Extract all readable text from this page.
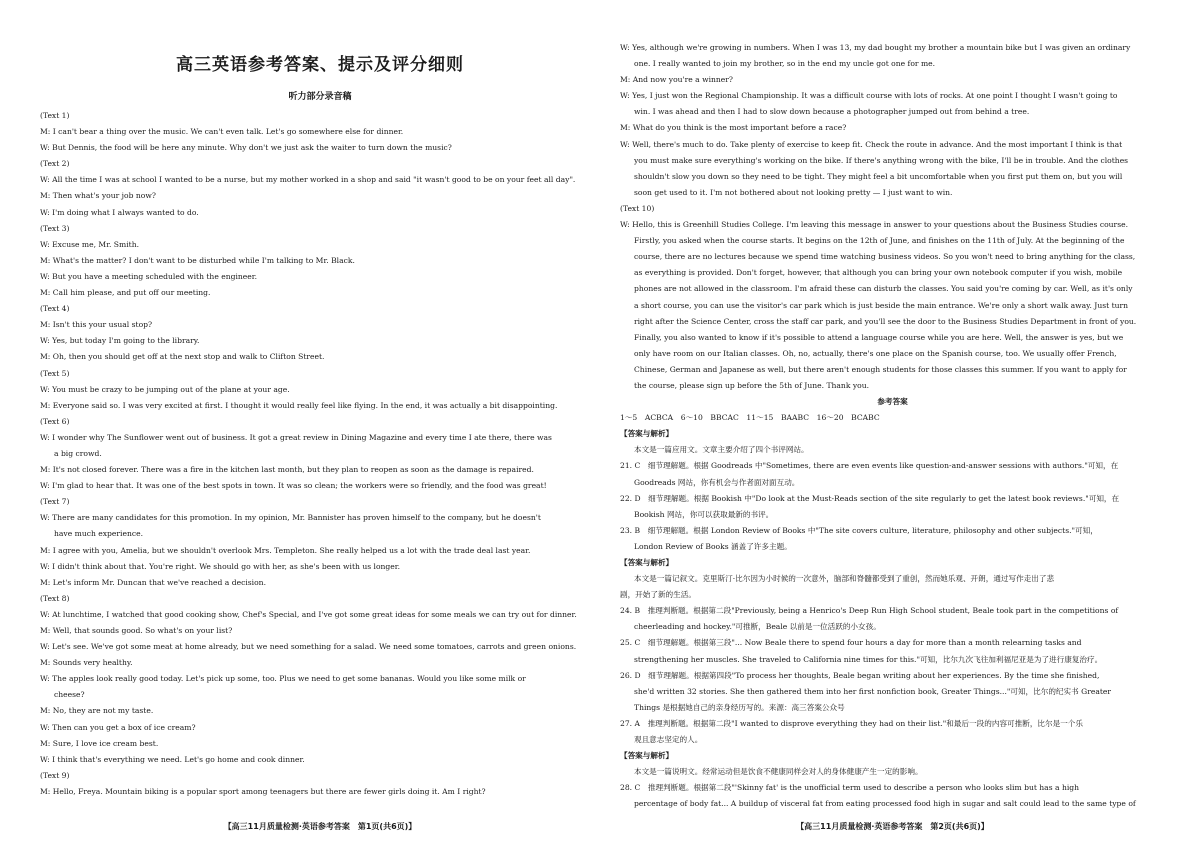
高三英语参考答案、提示及评分细则
听力部分录音稿
(Text 1)
M: I can't bear a thing over the music. We can't even talk. Let's go somewhere else for dinner.
W: But Dennis, the food will be here any minute. Why don't we just ask the waiter to turn down the music?
(Text 2)
W: All the time I was at school I wanted to be a nurse, but my mother worked in a shop and said "it wasn't good to be on your feet all day".
M: Then what's your job now?
W: I'm doing what I always wanted to do.
(Text 3)
W: Excuse me, Mr. Smith.
M: What's the matter? I don't want to be disturbed while I'm talking to Mr. Black.
W: But you have a meeting scheduled with the engineer.
M: Call him please, and put off our meeting.
(Text 4)
M: Isn't this your usual stop?
W: Yes, but today I'm going to the library.
M: Oh, then you should get off at the next stop and walk to Clifton Street.
(Text 5)
W: You must be crazy to be jumping out of the plane at your age.
M: Everyone said so. I was very excited at first. I thought it would really feel like flying. In the end, it was actually a bit disappointing.
(Text 6)
W: I wonder why The Sunflower went out of business. It got a great review in Dining Magazine and every time I ate there, there was
a big crowd.
M: It's not closed forever. There was a fire in the kitchen last month, but they plan to reopen as soon as the damage is repaired.
W: I'm glad to hear that. It was one of the best spots in town. It was so clean; the workers were so friendly, and the food was great!
(Text 7)
W: There are many candidates for this promotion. In my opinion, Mr. Bannister has proven himself to the company, but he doesn't
have much experience.
M: I agree with you, Amelia, but we shouldn't overlook Mrs. Templeton. She really helped us a lot with the trade deal last year.
W: I didn't think about that. You're right. We should go with her, as she's been with us longer.
M: Let's inform Mr. Duncan that we've reached a decision.
(Text 8)
W: At lunchtime, I watched that good cooking show, Chef's Special, and I've got some great ideas for some meals we can try out for dinner.
M: Well, that sounds good. So what's on your list?
W: Let's see. We've got some meat at home already, but we need something for a salad. We need some tomatoes, carrots and green onions.
M: Sounds very healthy.
W: The apples look really good today. Let's pick up some, too. Plus we need to get some bananas. Would you like some milk or
cheese?
M: No, they are not my taste.
W: Then can you get a box of ice cream?
M: Sure, I love ice cream best.
W: I think that's everything we need. Let's go home and cook dinner.
(Text 9)
M: Hello, Freya. Mountain biking is a popular sport among teenagers but there are fewer girls doing it. Am I right?
【高三11月质量检测·英语参考答案　第1页(共6页)】
W: Yes, although we're growing in numbers. When I was 13, my dad bought my brother a mountain bike but I was given an ordinary
one. I really wanted to join my brother, so in the end my uncle got one for me.
M: And now you're a winner?
W: Yes, I just won the Regional Championship. It was a difficult course with lots of rocks. At one point I thought I wasn't going to
win. I was ahead and then I had to slow down because a photographer jumped out from behind a tree.
M: What do you think is the most important before a race?
W: Well, there's much to do. Take plenty of exercise to keep fit. Check the route in advance. And the most important I think is that
you must make sure everything's working on the bike. If there's anything wrong with the bike, I'll be in trouble. And the clothes
shouldn't slow you down so they need to be tight. They might feel a bit uncomfortable when you first put them on, but you will
soon get used to it. I'm not bothered about not looking pretty — I just want to win.
(Text 10)
W: Hello, this is Greenhill Studies College. I'm leaving this message in answer to your questions about the Business Studies course.
Firstly, you asked when the course starts. It begins on the 12th of June, and finishes on the 11th of July. At the beginning of the
course, there are no lectures because we spend time watching business videos. So you won't need to bring anything for the class,
as everything is provided. Don't forget, however, that although you can bring your own notebook computer if you wish, mobile
phones are not allowed in the classroom. I'm afraid these can disturb the classes. You said you're coming by car. Well, as it's only
a short course, you can use the visitor's car park which is just beside the main entrance. We're only a short walk away. Just turn
right after the Science Center, cross the staff car park, and you'll see the door to the Business Studies Department in front of you.
Finally, you also wanted to know if it's possible to attend a language course while you are here. Well, the answer is yes, but we
only have room on our Italian classes. Oh, no, actually, there's one place on the Spanish course, too. We usually offer French,
Chinese, German and Japanese as well, but there aren't enough students for those classes this summer. If you want to apply for
the course, please sign up before the 5th of June. Thank you.
参考答案
1～5　ACBCA　6～10　BBCAC　11～15　BAABC　16～20　BCABC
【答案与解析】
本文是一篇应用文。文章主要介绍了四个书评网站。
21. C　细节理解题。根据 Goodreads 中"Sometimes, there are even events like question-and-answer sessions with authors."可知，在
Goodreads 网站，你有机会与作者面对面互动。
22. D　细节理解题。根据 Bookish 中"Do look at the Must-Reads section of the site regularly to get the latest book reviews."可知，在
Bookish 网站，你可以获取最新的书评。
23. B　细节理解题。根据 London Review of Books 中"The site covers culture, literature, philosophy and other subjects."可知，
London Review of Books 涵盖了许多主题。
【答案与解析】
本文是一篇记叙文。克里斯汀·比尔因为小时候的一次意外，脑部和脊髓都受到了重创，然而她乐观、开朗，通过写作走出了悲
剧，开始了新的生活。
24. B　推理判断题。根据第二段"Previously, being a Henrico's Deep Run High School student, Beale took part in the competitions of
cheerleading and hockey."可推断，Beale 以前是一位活跃的小女孩。
25. C　细节理解题。根据第三段"... Now Beale there to spend four hours a day for more than a month relearning tasks and
strengthening her muscles. She traveled to California nine times for this."可知，比尔九次飞往加利福尼亚是为了进行康复治疗。
26. D　细节理解题。根据第四段"To process her thoughts, Beale began writing about her experiences. By the time she finished,
she'd written 32 stories. She then gathered them into her first nonfiction book, Greater Things..."可知，比尔的纪实书 Greater
Things 是根据她自己的亲身经历写的。来源：高三答案公众号
27. A　推理判断题。根据第二段"I wanted to disprove everything they had on their list."和最后一段的内容可推断，比尔是一个乐
观且意志坚定的人。
【答案与解析】
本文是一篇说明文。经常运动但是饮食不健康同样会对人的身体健康产生一定的影响。
28. C　推理判断题。根据第二段"'Skinny fat' is the unofficial term used to describe a person who looks slim but has a high
percentage of body fat... A buildup of visceral fat from eating processed food high in sugar and salt could lead to the same type of
【高三11月质量检测·英语参考答案　第2页(共6页)】
